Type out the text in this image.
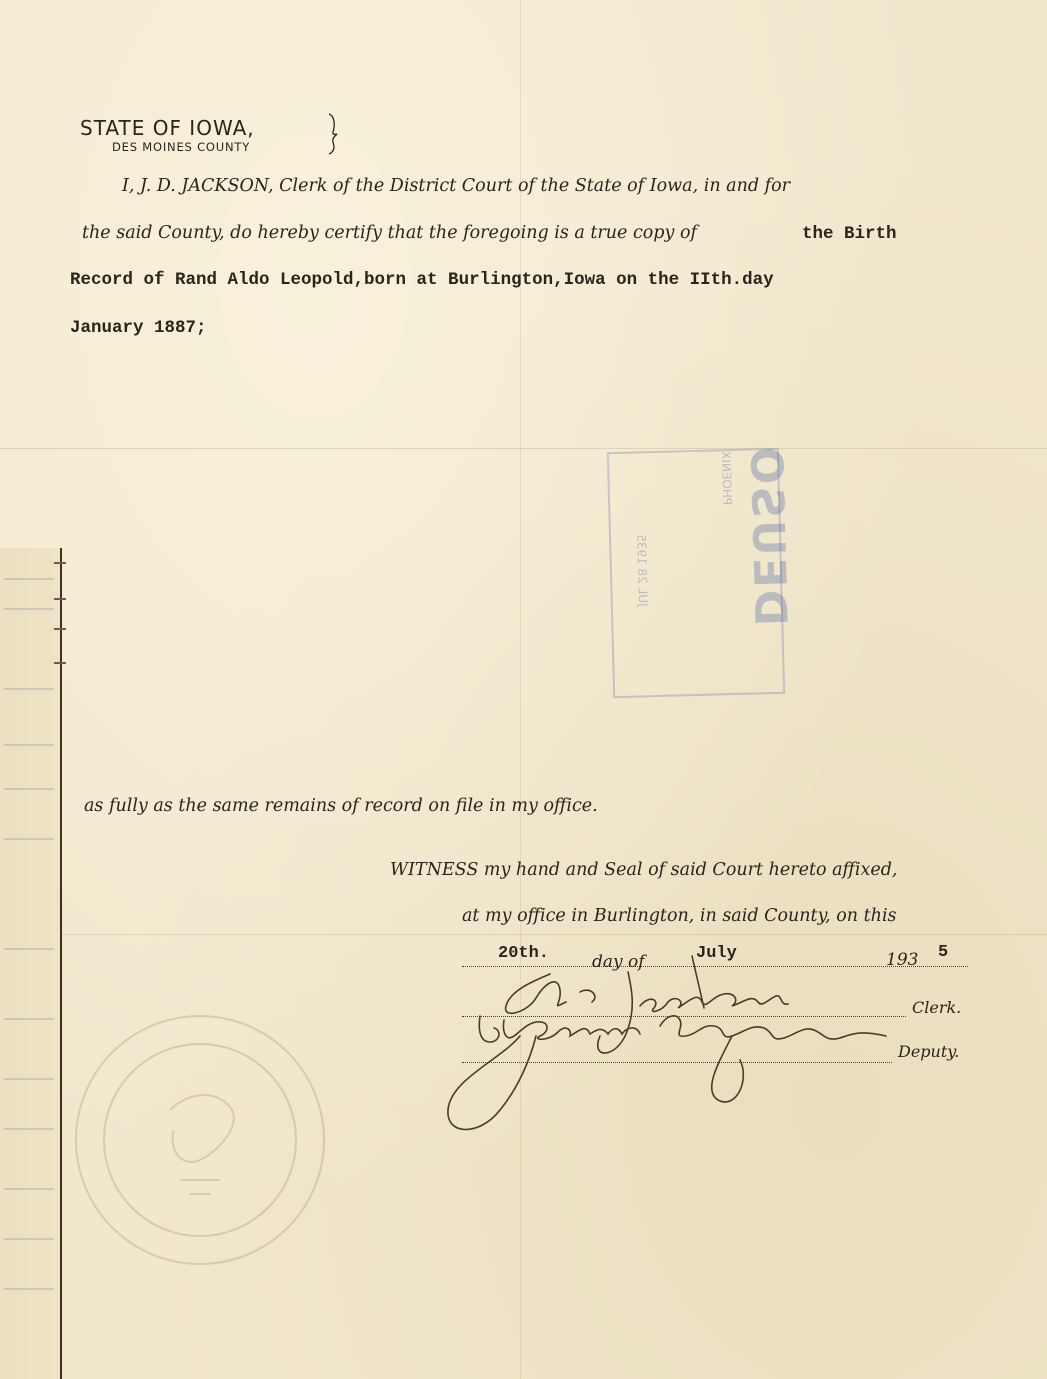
STATE OF IOWA,
DES MOINES COUNTY
I, J. D. JACKSON, Clerk of the District Court of the State of Iowa, in and for
the said County, do hereby certify that the foregoing is a true copy of	the Birth
Record of Rand Aldo Leopold,born at Burlington,Iowa on the IIth.day
January 1887;
DEUSO
JUL 28 1935
PHOENIX
as fully as the same remains of record on file in my office.
WITNESS my hand and Seal of said Court hereto affixed,
at my office in Burlington, in said County, on this
20th.	day of	July	193 5
Clerk.
Deputy.
